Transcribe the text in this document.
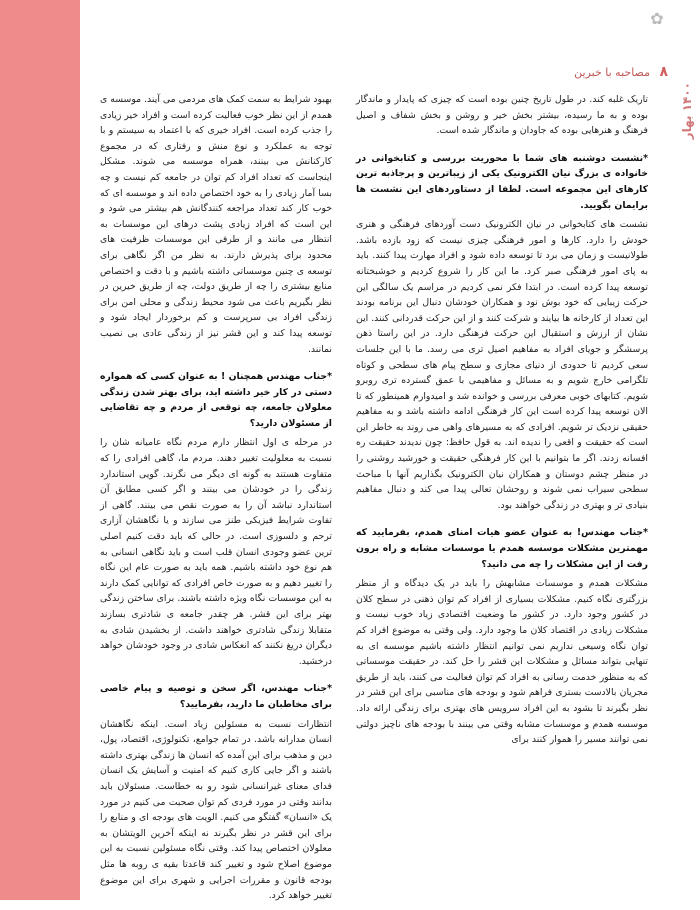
✿
۱۴۰۰ بهار
۸
مصاحبه با خبرین

تاریک غلبه کند. در طول تاریخ چنین بوده است که چیزی که پایدار و ماندگار بوده و به ما رسیده، بیشتر بخش خیر و روشن و بخش شفاف و اصیل فرهنگ و هنرهایی بوده که جاودان و ماندگار شده است.

*نشست دوشنبه های شما با محوریت بررسی و کتابخوانی در خانواده ی بزرگ نیان الکترونیک یکی از زیباترین و پرجاذبه ترین کارهای این مجموعه است. لطفا از دستاوردهای این نشست ها برایمان بگویید.

نشست های کتابخوانی در نیان الکترونیک دست آوردهای فرهنگی و هنری خودش را دارد. کارها و امور فرهنگی چیزی نیست که زود بازده باشد. طولانیست و زمان می برد تا توسعه داده شود و افراد مهارت پیدا کنند. باید به پای امور فرهنگی صبر کرد. ما این کار را شروع کردیم و خوشبختانه توسعه پیدا کرده است. در ابتدا فکر نمی کردیم در مراسم یک سالگی این حرکت زیبایی که خود بوش نود و همکاران خودشان دنبال این برنامه بودند این تعداد از کارخانه ها بیایند و شرکت کنند و از این حرکت قدردانی کنند. این نشان از ارزش و استقبال این حرکت فرهنگی دارد. در این راستا ذهن پرسشگر و جویای افراد به مفاهیم اصیل تری می رسد. ما با این جلسات سعی کردیم تا حدودی از دنیای مجازی و سطح پیام های سطحی و کوتاه تلگرامی خارج شویم و به مسائل و مفاهیمی با عمق گسترده تری روبرو شویم. کتابهای خوبی معرفی بررسی و خوانده شد و امیدوارم همینطور که تا الان توسعه پیدا کرده است این کار فرهنگی ادامه داشته باشد و به مفاهیم حقیقی نزدیک تر شویم. افرادی که به مسیرهای واهی می روند به خاطر این است که حقیقت و اقعی را ندیده اند. به قول حافظ: چون ندیدند حقیقت ره افسانه زدند. اگر ما بتوانیم با این کار فرهنگی حقیقت و خورشید روشنی را در منظر چشم دوستان و همکاران نیان الکترونیک بگذاریم آنها با مباحث سطحی سیراب نمی شوند و روحشان تعالی پیدا می کند و دنبال مفاهیم بنیادی تر و بهتری در زندگی خواهند بود.

*جناب مهندس! به عنوان عضو هیات امنای همدم، بفرمایید که مهمترین مشکلات موسسه همدم یا موسسات مشابه و راه برون رفت از این مشکلات را چه می دانید؟

مشکلات همدم و موسسات مشابهش را باید در یک دیدگاه و از منظر بزرگتری نگاه کنیم. مشکلات بسیاری از افراد کم توان ذهنی در سطح کلان در کشور وجود دارد. در کشور ما وضعیت اقتصادی زیاد خوب نیست و مشکلات زیادی در اقتصاد کلان ما وجود دارد. ولی وقتی به موضوع افراد کم توان نگاه وسیعی نداریم نمی توانیم انتظار داشته باشیم موسسه ای به تنهایی بتواند مسائل و مشکلات این قشر را حل کند. در حقیقت موسساتی که به منظور خدمت رسانی به افراد کم توان فعالیت می کنند، باید از طریق مجریان بالادست بستری فراهم شود و بودجه های مناسبی برای این قشر در نظر بگیرند تا بشود به این افراد سرویس های بهتری برای زندگی ارائه داد. موسسه همدم و موسسات مشابه وقتی می بینند با بودجه های ناچیز دولتی نمی توانند مسیر را هموار کنند برای

بهبود شرایط به سمت کمک های مردمی می آیند. موسسه ی همدم از این نظر خوب فعالیت کرده است و افراد خیر زیادی را جذب کرده است. افراد خیری که با اعتماد به سیستم و با توجه به عملکرد و نوع منش و رفتاری که در مجموع کارکنانش می بینند، همراه موسسه می شوند. مشکل اینجاست که تعداد افراد کم توان در جامعه کم نیست و چه بسا آمار زیادی را به خود اختصاص داده اند و موسسه ای که خوب کار کند تعداد مراجعه کنندگانش هم بیشتر می شود و این است که افراد زیادی پشت درهای این موسسات به انتظار می مانند و از طرفی این موسسات ظرفیت های محدود برای پذیرش دارند. به نظر من اگر نگاهی برای توسعه ی چنین موسساتی داشته باشیم و با دقت و اختصاص منابع بیشتری را چه از طریق دولت، چه از طریق خیرین در نظر بگیریم باعث می شود محیط زندگی و محلی امن برای زندگی افراد بی سرپرست و کم برخوردار ایجاد شود و توسعه پیدا کند و این قشر نیز از زندگی عادی بی نصیب نمانند.

*جناب مهندس همچنان ! به عنوان کسی که همواره دستی در کار خیر داشته اید، برای بهتر شدن زندگی معلولان جامعه، چه توقعی از مردم و چه تقاضایی از مسئولان دارید؟

در مرحله ی اول انتظار دارم مردم نگاه عامیانه شان را نسبت به معلولیت تغییر دهند. مردم ما، گاهی افرادی را که متفاوت هستند به گونه ای دیگر می نگرند. گویی استاندارد زندگی را در خودشان می بینند و اگر کسی مطابق آن استاندارد نباشد آن را به صورت نقص می بینند. گاهی از تفاوت شرایط فیزیکی طنز می سازند و یا نگاهشان آزاری ترحم و دلسوزی است. در حالی که باید دقت کنیم اصلی ترین عضو وجودی انسان قلب است و باید نگاهی انسانی به هم نوع خود داشته باشیم. همه باید به صورت عام این نگاه را تغییر دهیم و به صورت خاص افرادی که توانایی کمک دارند به این موسسات نگاه ویژه داشته باشند. برای ساختن زندگی بهتر برای این قشر. هر چقدر جامعه ی شادتری بسازند متقابلا زندگی شادتری خواهند داشت. از بخشیدن شادی به دیگران دریغ نکنند که انعکاس شادی در وجود خودشان خواهد درخشید.

*جناب مهندس، اگر سخن و توصیه و پیام خاصی برای مخاطبان ما دارید، بفرمایید؟

انتظارات نسبت به مسئولین زیاد است. اینکه نگاهشان انسان مدارانه باشد. در تمام جوامع، تکنولوژی، اقتصاد، پول، دین و مذهب برای این آمده که انسان ها زندگی بهتری داشته باشند و اگر جایی کاری کنیم که امنیت و آسایش یک انسان فدای معنای غیرانسانی شود رو به خطاست. مسئولان باید بدانند وقتی در مورد فردی کم توان صحبت می کنیم در مورد یک «انسان» گفتگو می کنیم. الویت های بودجه ای و منابع را برای این قشر در نظر بگیرند نه اینکه آخرین الویتشان به معلولان اختصاص پیدا کند. وقتی نگاه مسئولین نسبت به این موضوع اصلاح شود و تغییر کند قاعدتا بقیه ی روبه ها مثل بودجه قانون و مقررات اجرایی و شهری برای این موضوع تغییر خواهد کرد.
